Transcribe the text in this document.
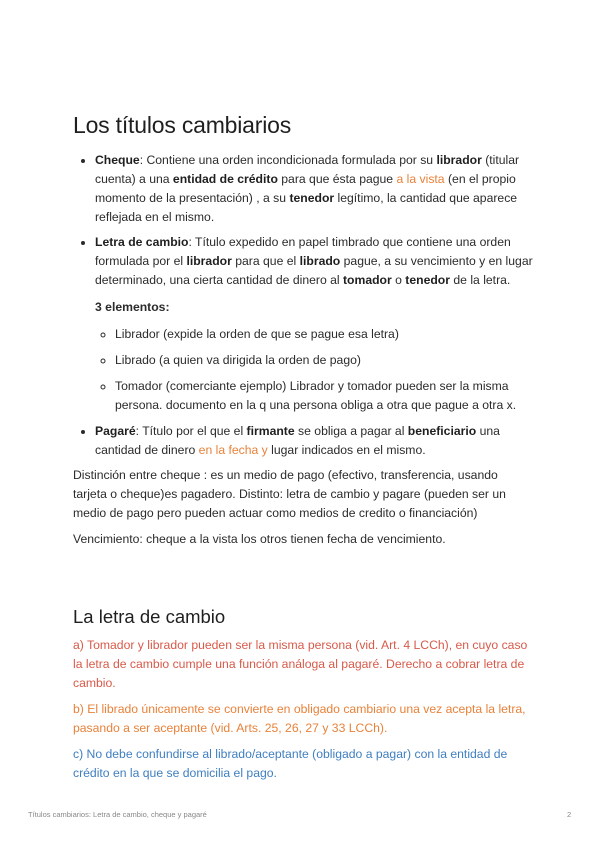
Los títulos cambiarios
• Cheque: Contiene una orden incondicionada formulada por su librador (titular cuenta) a una entidad de crédito para que ésta pague a la vista (en el propio momento de la presentación) , a su tenedor legítimo, la cantidad que aparece reflejada en el mismo.
• Letra de cambio: Título expedido en papel timbrado que contiene una orden formulada por el librador para que el librado pague, a su vencimiento y en lugar determinado, una cierta cantidad de dinero al tomador o tenedor de la letra.

3 elementos:

◦ Librador (expide la orden de que se pague esa letra)
◦ Librado (a quien va dirigida la orden de pago)
◦ Tomador (comerciante ejemplo) Librador y tomador pueden ser la misma persona. documento en la q una persona obliga a otra que pague a otra x.
• Pagaré: Título por el que el firmante se obliga a pagar al beneficiario una cantidad de dinero en la fecha y lugar indicados en el mismo.

Distinción entre cheque : es un medio de pago (efectivo, transferencia, usando tarjeta o cheque)es pagadero. Distinto: letra de cambio y pagare (pueden ser un medio de pago pero pueden actuar como medios de credito o financiación)

Vencimiento: cheque a la vista los otros tienen fecha de vencimiento.

La letra de cambio

a) Tomador y librador pueden ser la misma persona (vid. Art. 4 LCCh), en cuyo caso la letra de cambio cumple una función análoga al pagaré. Derecho a cobrar letra de cambio.

b) El librado únicamente se convierte en obligado cambiario una vez acepta la letra, pasando a ser aceptante (vid. Arts. 25, 26, 27 y 33 LCCh).

c) No debe confundirse al librado/aceptante (obligado a pagar) con la entidad de crédito en la que se domicilia el pago.

Títulos cambiarios: Letra de cambio, cheque y pagaré	2
